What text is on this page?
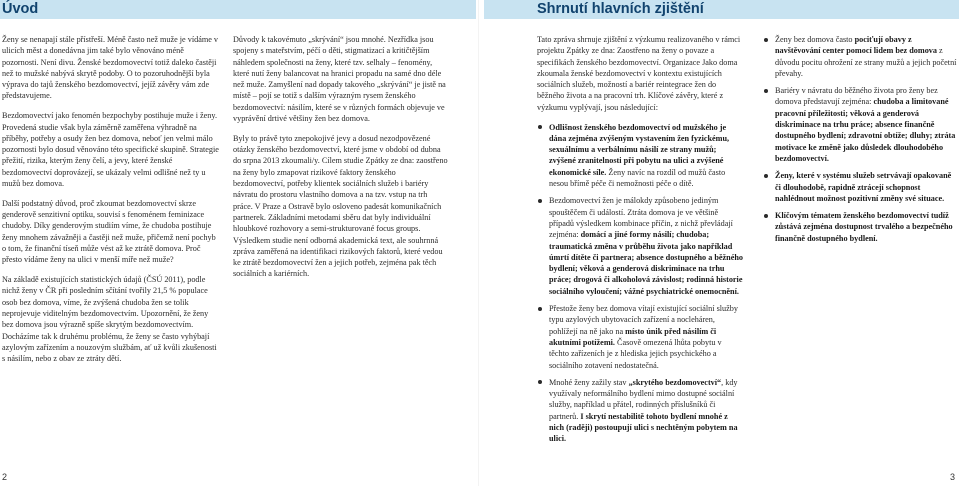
Úvod	Shrnutí hlavních zjištění

Ženy se nenapají stále přístřeší. Méně často než muže je vídáme v ulicích měst a donedávna jim také bylo věnováno méně pozornosti. Není divu. Ženské bezdomovectví totiž daleko častěji než to mužské nabývá skrytě podoby. O to pozoruhodnější byla výprava do tajů ženského bezdomovectví, jejíž závěry vám zde představujeme.

Bezdomovectví jako fenomén bezpochyby postihuje muže i ženy. Provedená studie však byla záměrně zaměřena výhradně na příběhy, potřeby a osudy žen bez domova, neboť jen velmi málo pozornosti bylo dosud věnováno této specifické skupině. Strategie přežití, rizika, kterým ženy čelí, a jevy, které ženské bezdomovectví doprovázejí, se ukázaly velmi odlišné než ty u mužů bez domova.

Další podstatný důvod, proč zkoumat bezdomovectví skrze genderově senzitivní optiku, souvisí s fenoménem feminizace chudoby. Díky genderovým studiím víme, že chudoba postihuje ženy mnohem závažněji a častěji než muže, přičemž není pochyb o tom, že finanční tíseň může vést až ke ztrátě domova. Proč přesto vídáme ženy na ulici v menší míře než muže?

Na základě existujících statistických údajů (ČSÚ 2011), podle nichž ženy v ČR při posledním sčítání tvořily 21,5 % populace osob bez domova, víme, že zvýšená chudoba žen se tolik neprojevuje viditelným bezdomovectvím. Upozornění, že ženy bez domova jsou výrazně spíše skrytým bezdomovectvím. Docházíme tak k druhému problému, že ženy se často vyhýbají azylovým zařízením a nouzovým službám, ať už kvůli zkušenosti s násilím, nebo z obav ze ztráty dětí.

Důvody k takovémuto „skrývání“ jsou mnohé. Nezřídka jsou spojeny s mateřstvím, péčí o děti, stigmatizací a kritičtějším náhledem společnosti na ženy, které tzv. selhaly – fenomény, které nutí ženy balancovat na hranici propadu na samé dno déle než muže. Zamyšlení nad dopady takového „skrývání“ je jistě na místě – pojí se totiž s dalším výrazným rysem ženského bezdomovectví: násilím, které se v různých formách objevuje ve vyprávění drtivé většiny žen bez domova.

Byly to právě tyto znepokojivé jevy a dosud nezodpovězené otázky ženského bezdomovectví, které jsme v období od dubna do srpna 2013 zkoumali/y. Cílem studie Zpátky ze dna: zaostřeno na ženy bylo zmapovat rizikové faktory ženského bezdomovectví, potřeby klientek sociálních služeb i bariéry návratu do prostoru vlastního domova a na tzv. vstup na trh práce. V Praze a Ostravě bylo osloveno padesát komunikačních partnerek. Základními metodami sběru dat byly individuální hloubkové rozhovory a semi-strukturované focus groups. Výsledkem studie není odborná akademická text, ale souhrnná zpráva zaměřená na identifikaci rizikových faktorů, které vedou ke ztrátě bezdomovectví žen a jejich potřeb, zejména pak těch sociálních a kariérních.

Tato zpráva shrnuje zjištění z výzkumu realizovaného v rámci projektu Zpátky ze dna: Zaostřeno na ženy o povaze a specifikách ženského bezdomovectví. Organizace Jako doma zkoumala ženské bezdomovectví v kontextu existujících sociálních služeb, možností a bariér reintegrace žen do běžného života a na pracovní trh. Klíčové závěry, které z výzkumu vyplývají, jsou následující:

Odlišnost ženského bezdomovectví od mužského je dána zejména zvýšeným vystavením žen fyzickému, sexuálnímu a verbálnímu násilí ze strany mužů; zvýšené zranitelnosti při pobytu na ulici a zvýšené ekonomické síle. Ženy navíc na rozdíl od mužů často nesou břímě péče či nemožnosti péče o dítě.
Bezdomovectví žen je málokdy způsobeno jediným spouštěčem či událostí. Ztráta domova je ve většině případů výsledkem kombinace příčin, z nichž převládají zejména: domácí a jiné formy násilí; chudoba; traumatická změna v průběhu života jako například úmrtí dítěte či partnera; absence dostupného a běžného bydlení; věková a genderová diskriminace na trhu práce; drogová či alkoholová závislost; rodinná historie sociálního vyloučení; vážné psychiatrické onemocnění.
Přestože ženy bez domova vítají existující sociální služby typu azylových ubytovacích zařízení a nocleháren, pohlížejí na ně jako na místo únik před násilím či akutními potížemi. Časově omezená lhůta pobytu v těchto zařízeních je z hlediska jejich psychického a sociálního zotavení nedostatečná.
Mnohé ženy zažily stav „skrytého bezdomovectví“, kdy využívaly neformálního bydlení mimo dostupné sociální služby, například u přátel, rodinných příslušníků či partnerů. I skrytí nestabilitě tohoto bydlení mnohé z nich (raději) postoupují ulici s nechtěným pobytem na ulici.
Ženy bez domova často pociťují obavy z navštěvování center pomocí lidem bez domova z důvodu pocitu ohrožení ze strany mužů a jejich početní převahy.
Bariéry v návratu do běžného života pro ženy bez domova představují zejména: chudoba a limitované pracovní příležitosti; věková a genderová diskriminace na trhu práce; absence finančně dostupného bydlení; zdravotní obtíže; dluhy; ztráta motivace ke změně jako důsledek dlouhodobého bezdomovectví.
Ženy, které v systému služeb setrvávají opakovaně či dlouhodobě, rapidně ztrácejí schopnost nahlédnout možnost pozitivní změny své situace.
Klíčovým tématem ženského bezdomovectví tudíž zůstává zejména dostupnost trvalého a bezpečného finančně dostupného bydlení.
2	3
